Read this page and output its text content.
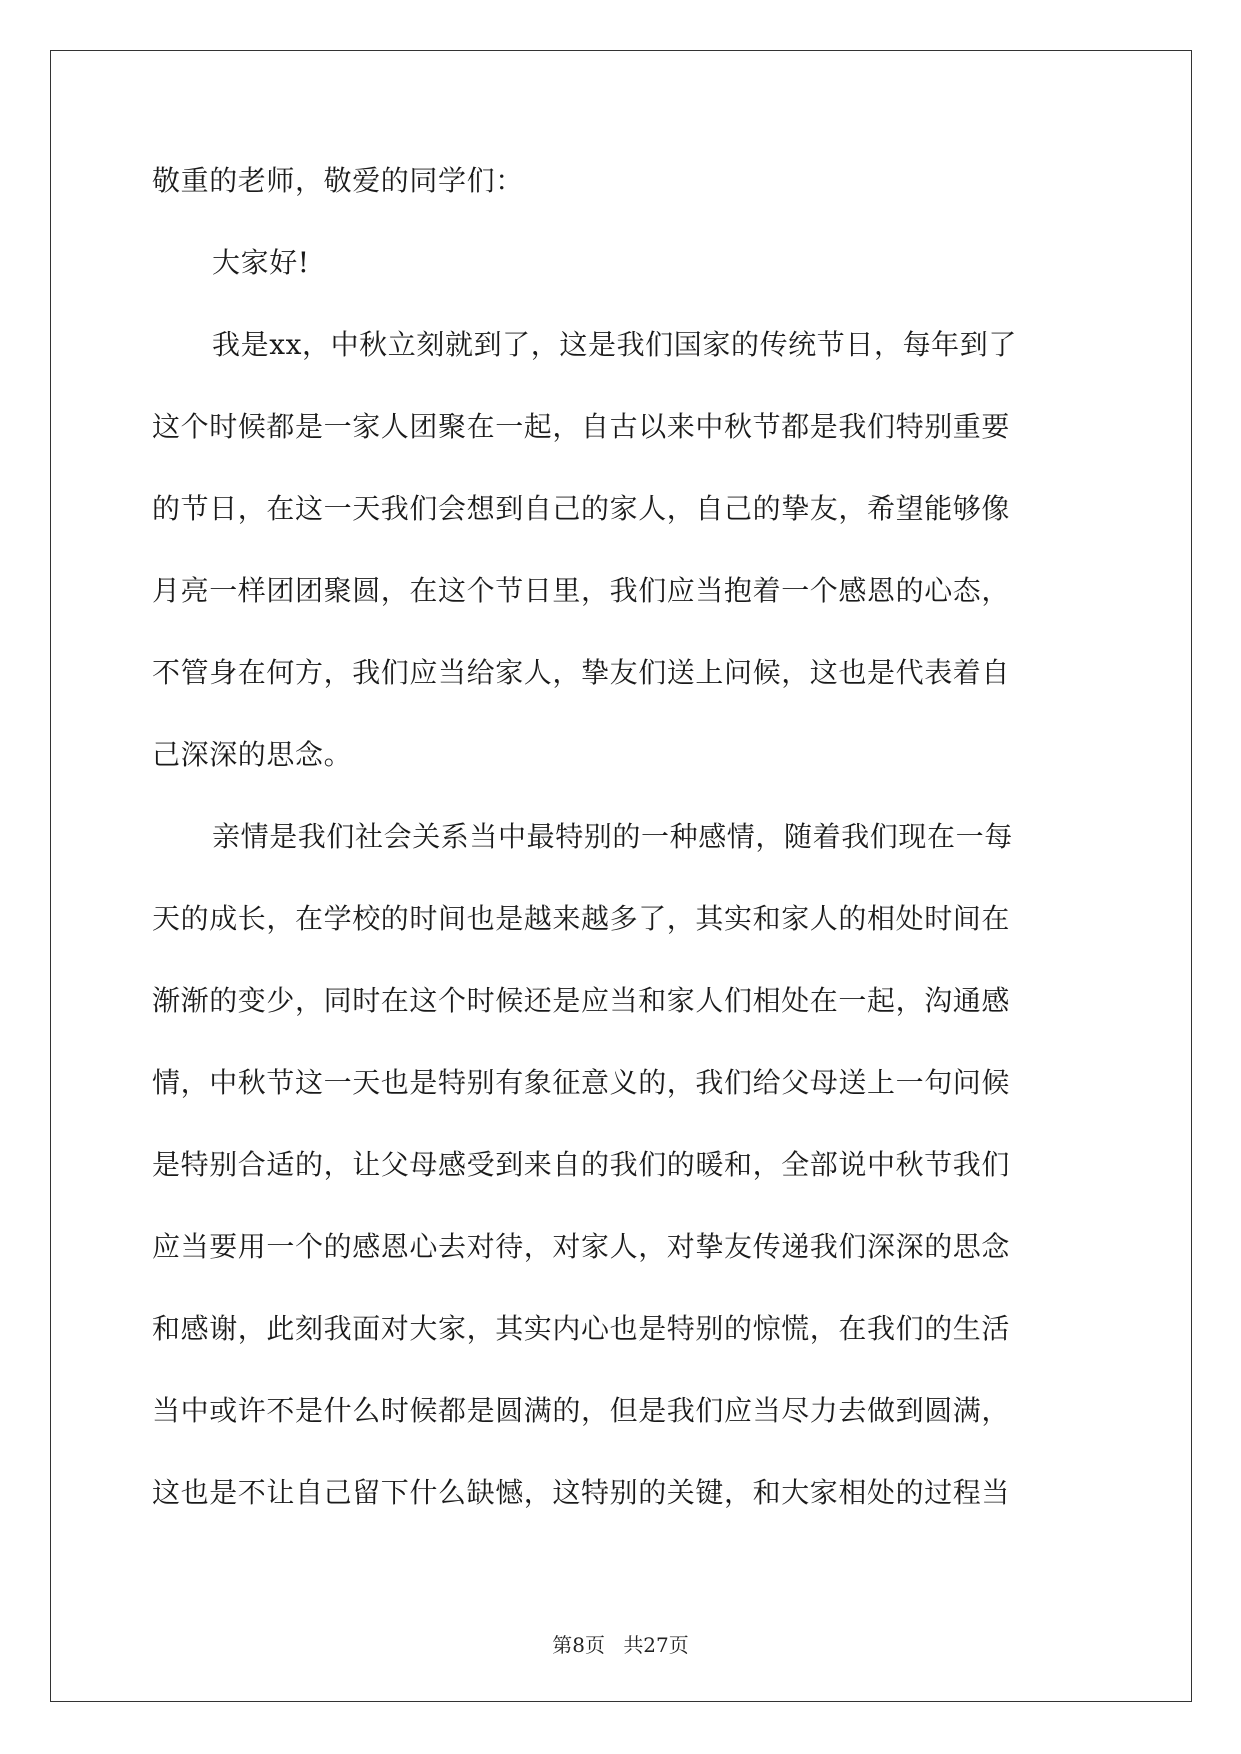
敬重的老师，敬爱的同学们：
大家好!
我是xx，中秋立刻就到了，这是我们国家的传统节日，每年到了
这个时候都是一家人团聚在一起，自古以来中秋节都是我们特别重要
的节日，在这一天我们会想到自己的家人，自己的挚友，希望能够像
月亮一样团团聚圆，在这个节日里，我们应当抱着一个感恩的心态，
不管身在何方，我们应当给家人，挚友们送上问候，这也是代表着自
己深深的思念。
亲情是我们社会关系当中最特别的一种感情，随着我们现在一每
天的成长，在学校的时间也是越来越多了，其实和家人的相处时间在
渐渐的变少，同时在这个时候还是应当和家人们相处在一起，沟通感
情，中秋节这一天也是特别有象征意义的，我们给父母送上一句问候
是特别合适的，让父母感受到来自的我们的暖和，全部说中秋节我们
应当要用一个的感恩心去对待，对家人，对挚友传递我们深深的思念
和感谢，此刻我面对大家，其实内心也是特别的惊慌，在我们的生活
当中或许不是什么时候都是圆满的，但是我们应当尽力去做到圆满，
这也是不让自己留下什么缺憾，这特别的关键，和大家相处的过程当
第8页 共27页
